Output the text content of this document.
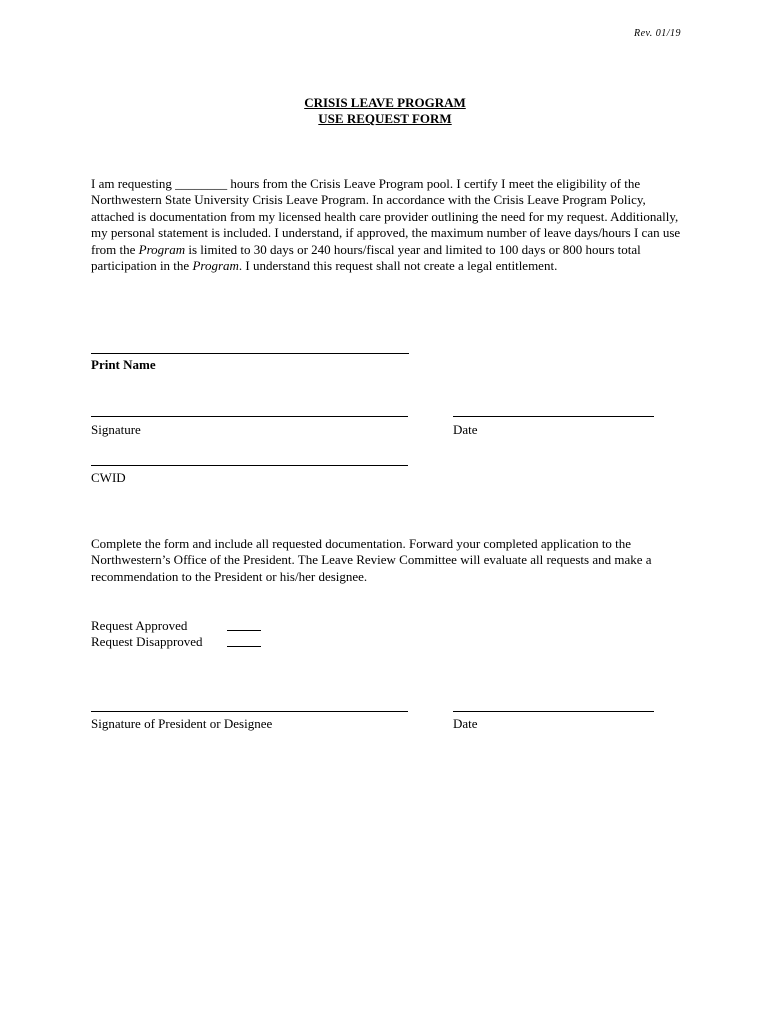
Rev. 01/19
CRISIS LEAVE PROGRAM
USE REQUEST FORM
I am requesting ________ hours from the Crisis Leave Program pool. I certify I meet the eligibility of the Northwestern State University Crisis Leave Program. In accordance with the Crisis Leave Program Policy, attached is documentation from my licensed health care provider outlining the need for my request. Additionally, my personal statement is included. I understand, if approved, the maximum number of leave days/hours I can use from the Program is limited to 30 days or 240 hours/fiscal year and limited to 100 days or 800 hours total participation in the Program. I understand this request shall not create a legal entitlement.
Print Name
Signature	Date
CWID
Complete the form and include all requested documentation. Forward your completed application to the Northwestern’s Office of the President. The Leave Review Committee will evaluate all requests and make a recommendation to the President or his/her designee.
Request Approved
Request Disapproved
Signature of President or Designee	Date
